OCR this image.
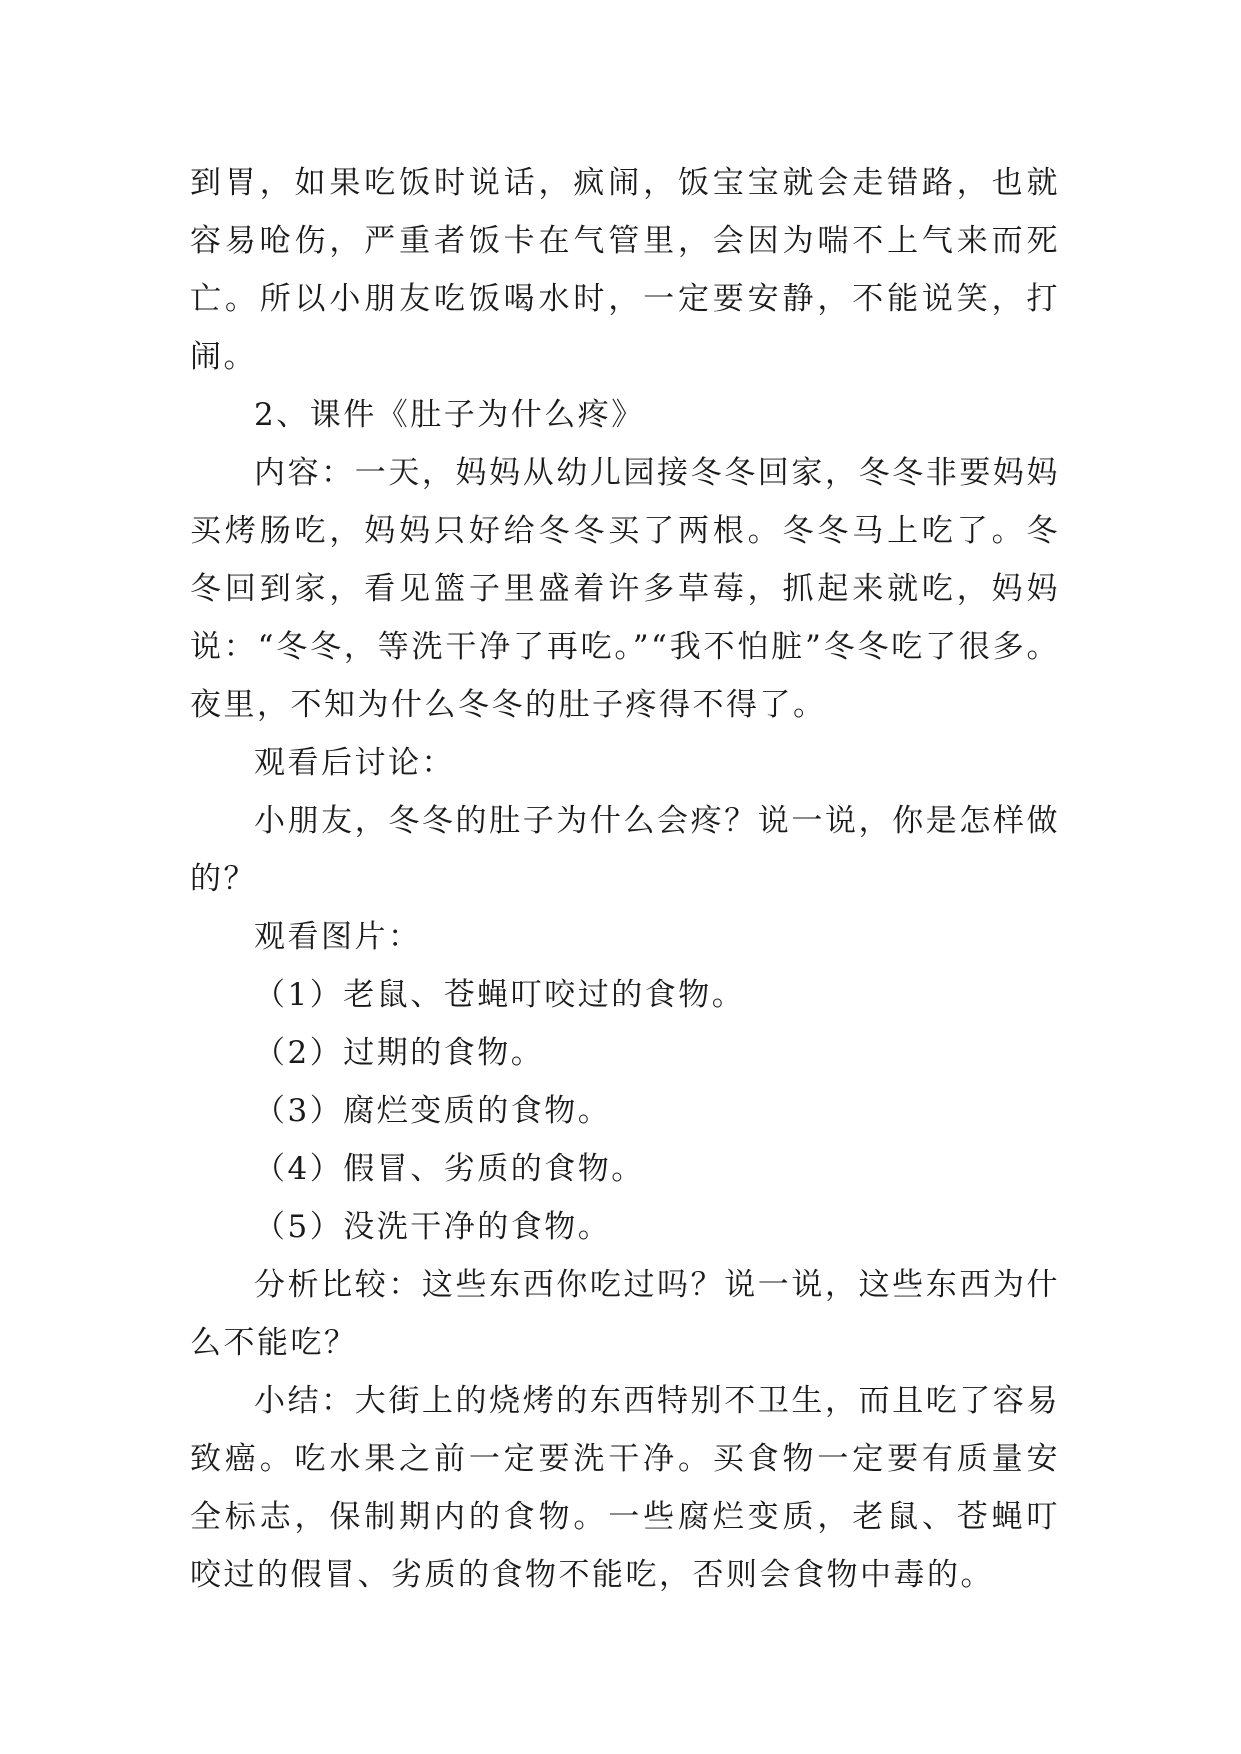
到胃，如果吃饭时说话，疯闹，饭宝宝就会走错路，也就容易呛伤，严重者饭卡在气管里，会因为喘不上气来而死亡。所以小朋友吃饭喝水时，一定要安静，不能说笑，打闹。

2、课件《肚子为什么疼》

内容：一天，妈妈从幼儿园接冬冬回家，冬冬非要妈妈买烤肠吃，妈妈只好给冬冬买了两根。冬冬马上吃了。冬冬回到家，看见篮子里盛着许多草莓，抓起来就吃，妈妈说：“冬冬，等洗干净了再吃。”“我不怕脏”冬冬吃了很多。夜里，不知为什么冬冬的肚子疼得不得了。

观看后讨论：

小朋友，冬冬的肚子为什么会疼？说一说，你是怎样做的？

观看图片：

（1）老鼠、苍蝇叮咬过的食物。

（2）过期的食物。

（3）腐烂变质的食物。

（4）假冒、劣质的食物。

（5）没洗干净的食物。

分析比较：这些东西你吃过吗？说一说，这些东西为什么不能吃？

小结：大街上的烧烤的东西特别不卫生，而且吃了容易致癌。吃水果之前一定要洗干净。买食物一定要有质量安全标志，保制期内的食物。一些腐烂变质，老鼠、苍蝇叮咬过的假冒、劣质的食物不能吃，否则会食物中毒的。
